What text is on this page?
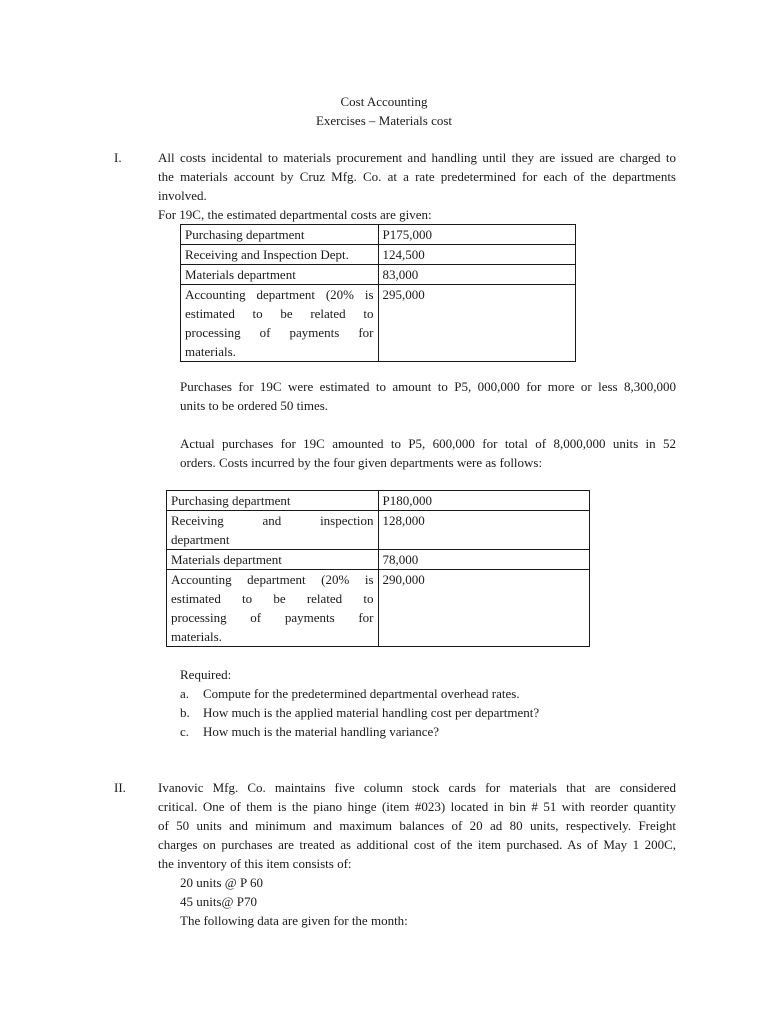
Cost Accounting
Exercises – Materials cost
I.	All costs incidental to materials procurement and handling until they are issued are charged to
the materials account by Cruz Mfg. Co. at a rate predetermined for each of the departments
involved.
For 19C, the estimated departmental costs are given:
Purchasing department	P175,000
Receiving and Inspection Dept.	124,500
Materials department	83,000

Accounting department (20% is
estimated to be related to
processing of payments for
materials.	295,000
Purchases for 19C were estimated to amount to P5, 000,000 for more or less 8,300,000
units to be ordered 50 times.
Actual purchases for 19C amounted to P5, 600,000 for total of 8,000,000 units in 52
orders. Costs incurred by the four given departments were as follows:
Purchasing department	P180,000

Receiving and inspection
department	128,000
Materials department	78,000

Accounting department (20% is
estimated to be related to
processing of payments for
materials.	290,000
Required:
a. Compute for the predetermined departmental overhead rates.
b. How much is the applied material handling cost per department?
c. How much is the material handling variance?
II. Ivanovic Mfg. Co. maintains five column stock cards for materials that are considered
critical. One of them is the piano hinge (item #023) located in bin # 51 with reorder quantity
of 50 units and minimum and maximum balances of 20 ad 80 units, respectively. Freight
charges on purchases are treated as additional cost of the item purchased. As of May 1 200C,
the inventory of this item consists of:
20 units @ P 60
45 units@ P70
The following data are given for the month:
